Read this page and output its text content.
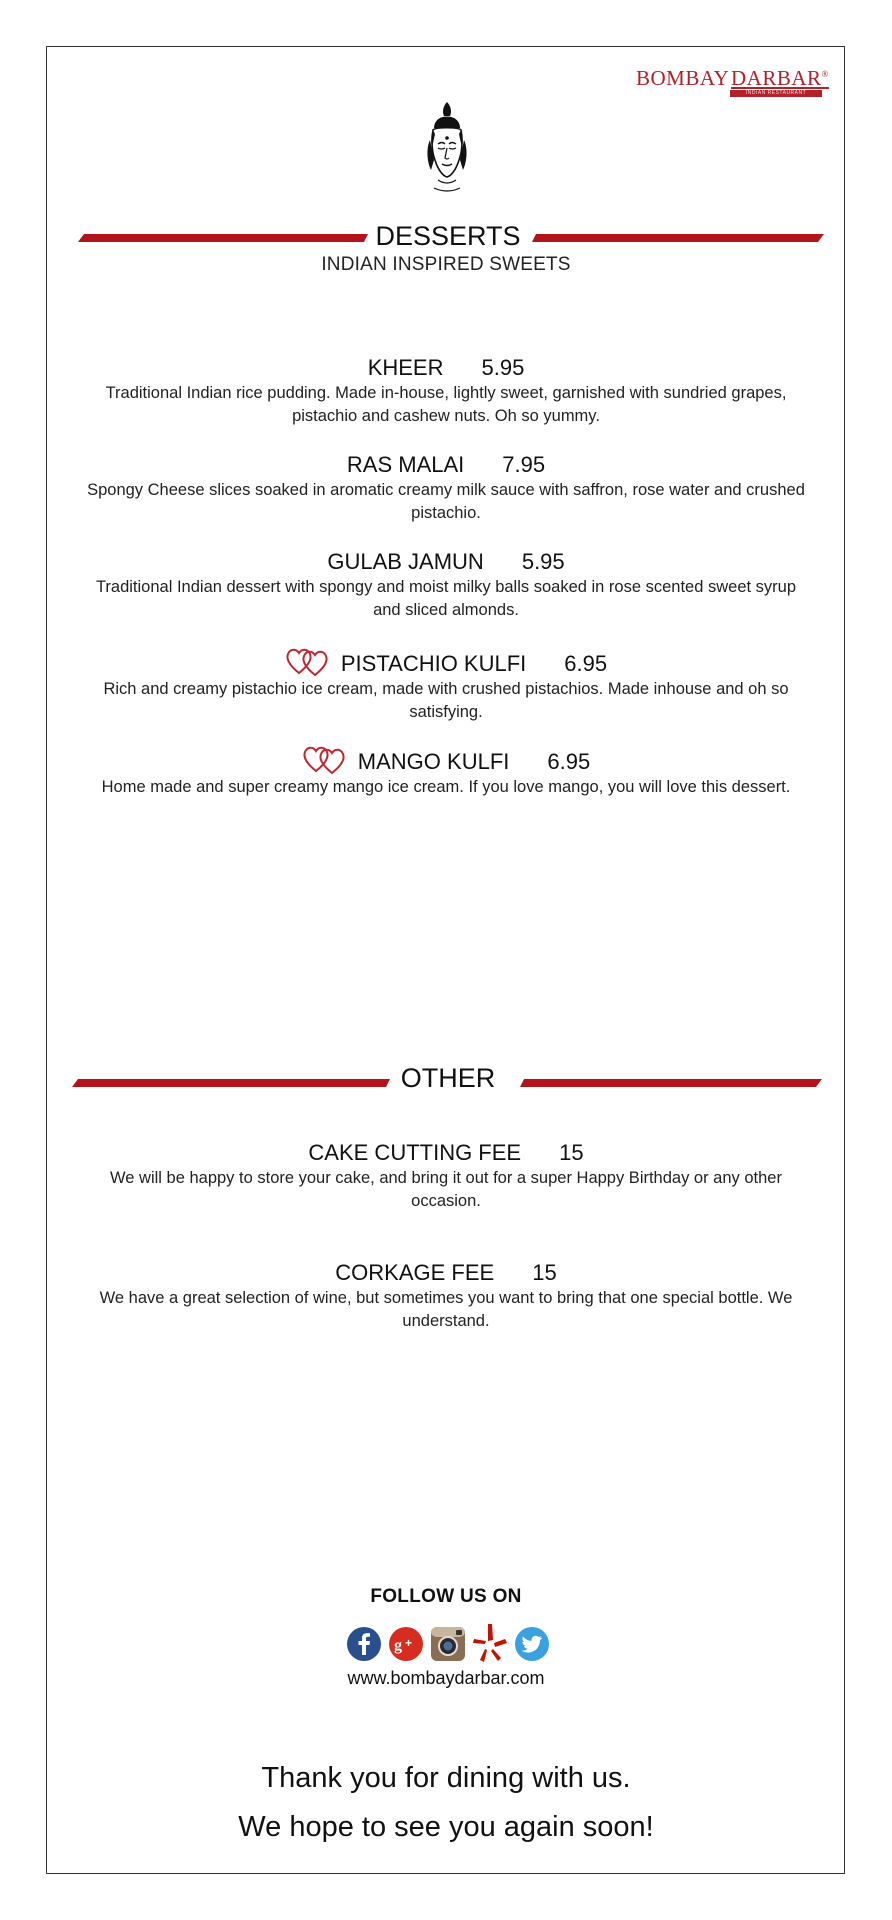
BOMBAY DARBAR®
INDIAN RESTAURANT
DESSERTS
INDIAN INSPIRED SWEETS
KHEER 5.95
Traditional Indian rice pudding. Made in-house, lightly sweet, garnished with sundried grapes, pistachio and cashew nuts. Oh so yummy.
RAS MALAI 7.95
Spongy Cheese slices soaked in aromatic creamy milk sauce with saffron, rose water and crushed pistachio.
GULAB JAMUN 5.95
Traditional Indian dessert with spongy and moist milky balls soaked in rose scented sweet syrup and sliced almonds.
PISTACHIO KULFI 6.95
Rich and creamy pistachio ice cream, made with crushed pistachios. Made inhouse and oh so satisfying.
MANGO KULFI 6.95
Home made and super creamy mango ice cream. If you love mango, you will love this dessert.
OTHER
CAKE CUTTING FEE 15
We will be happy to store your cake, and bring it out for a super Happy Birthday or any other occasion.
CORKAGE FEE 15
We have a great selection of wine, but sometimes you want to bring that one special bottle. We understand.
FOLLOW US ON
g +
www.bombaydarbar.com
Thank you for dining with us.
We hope to see you again soon!
